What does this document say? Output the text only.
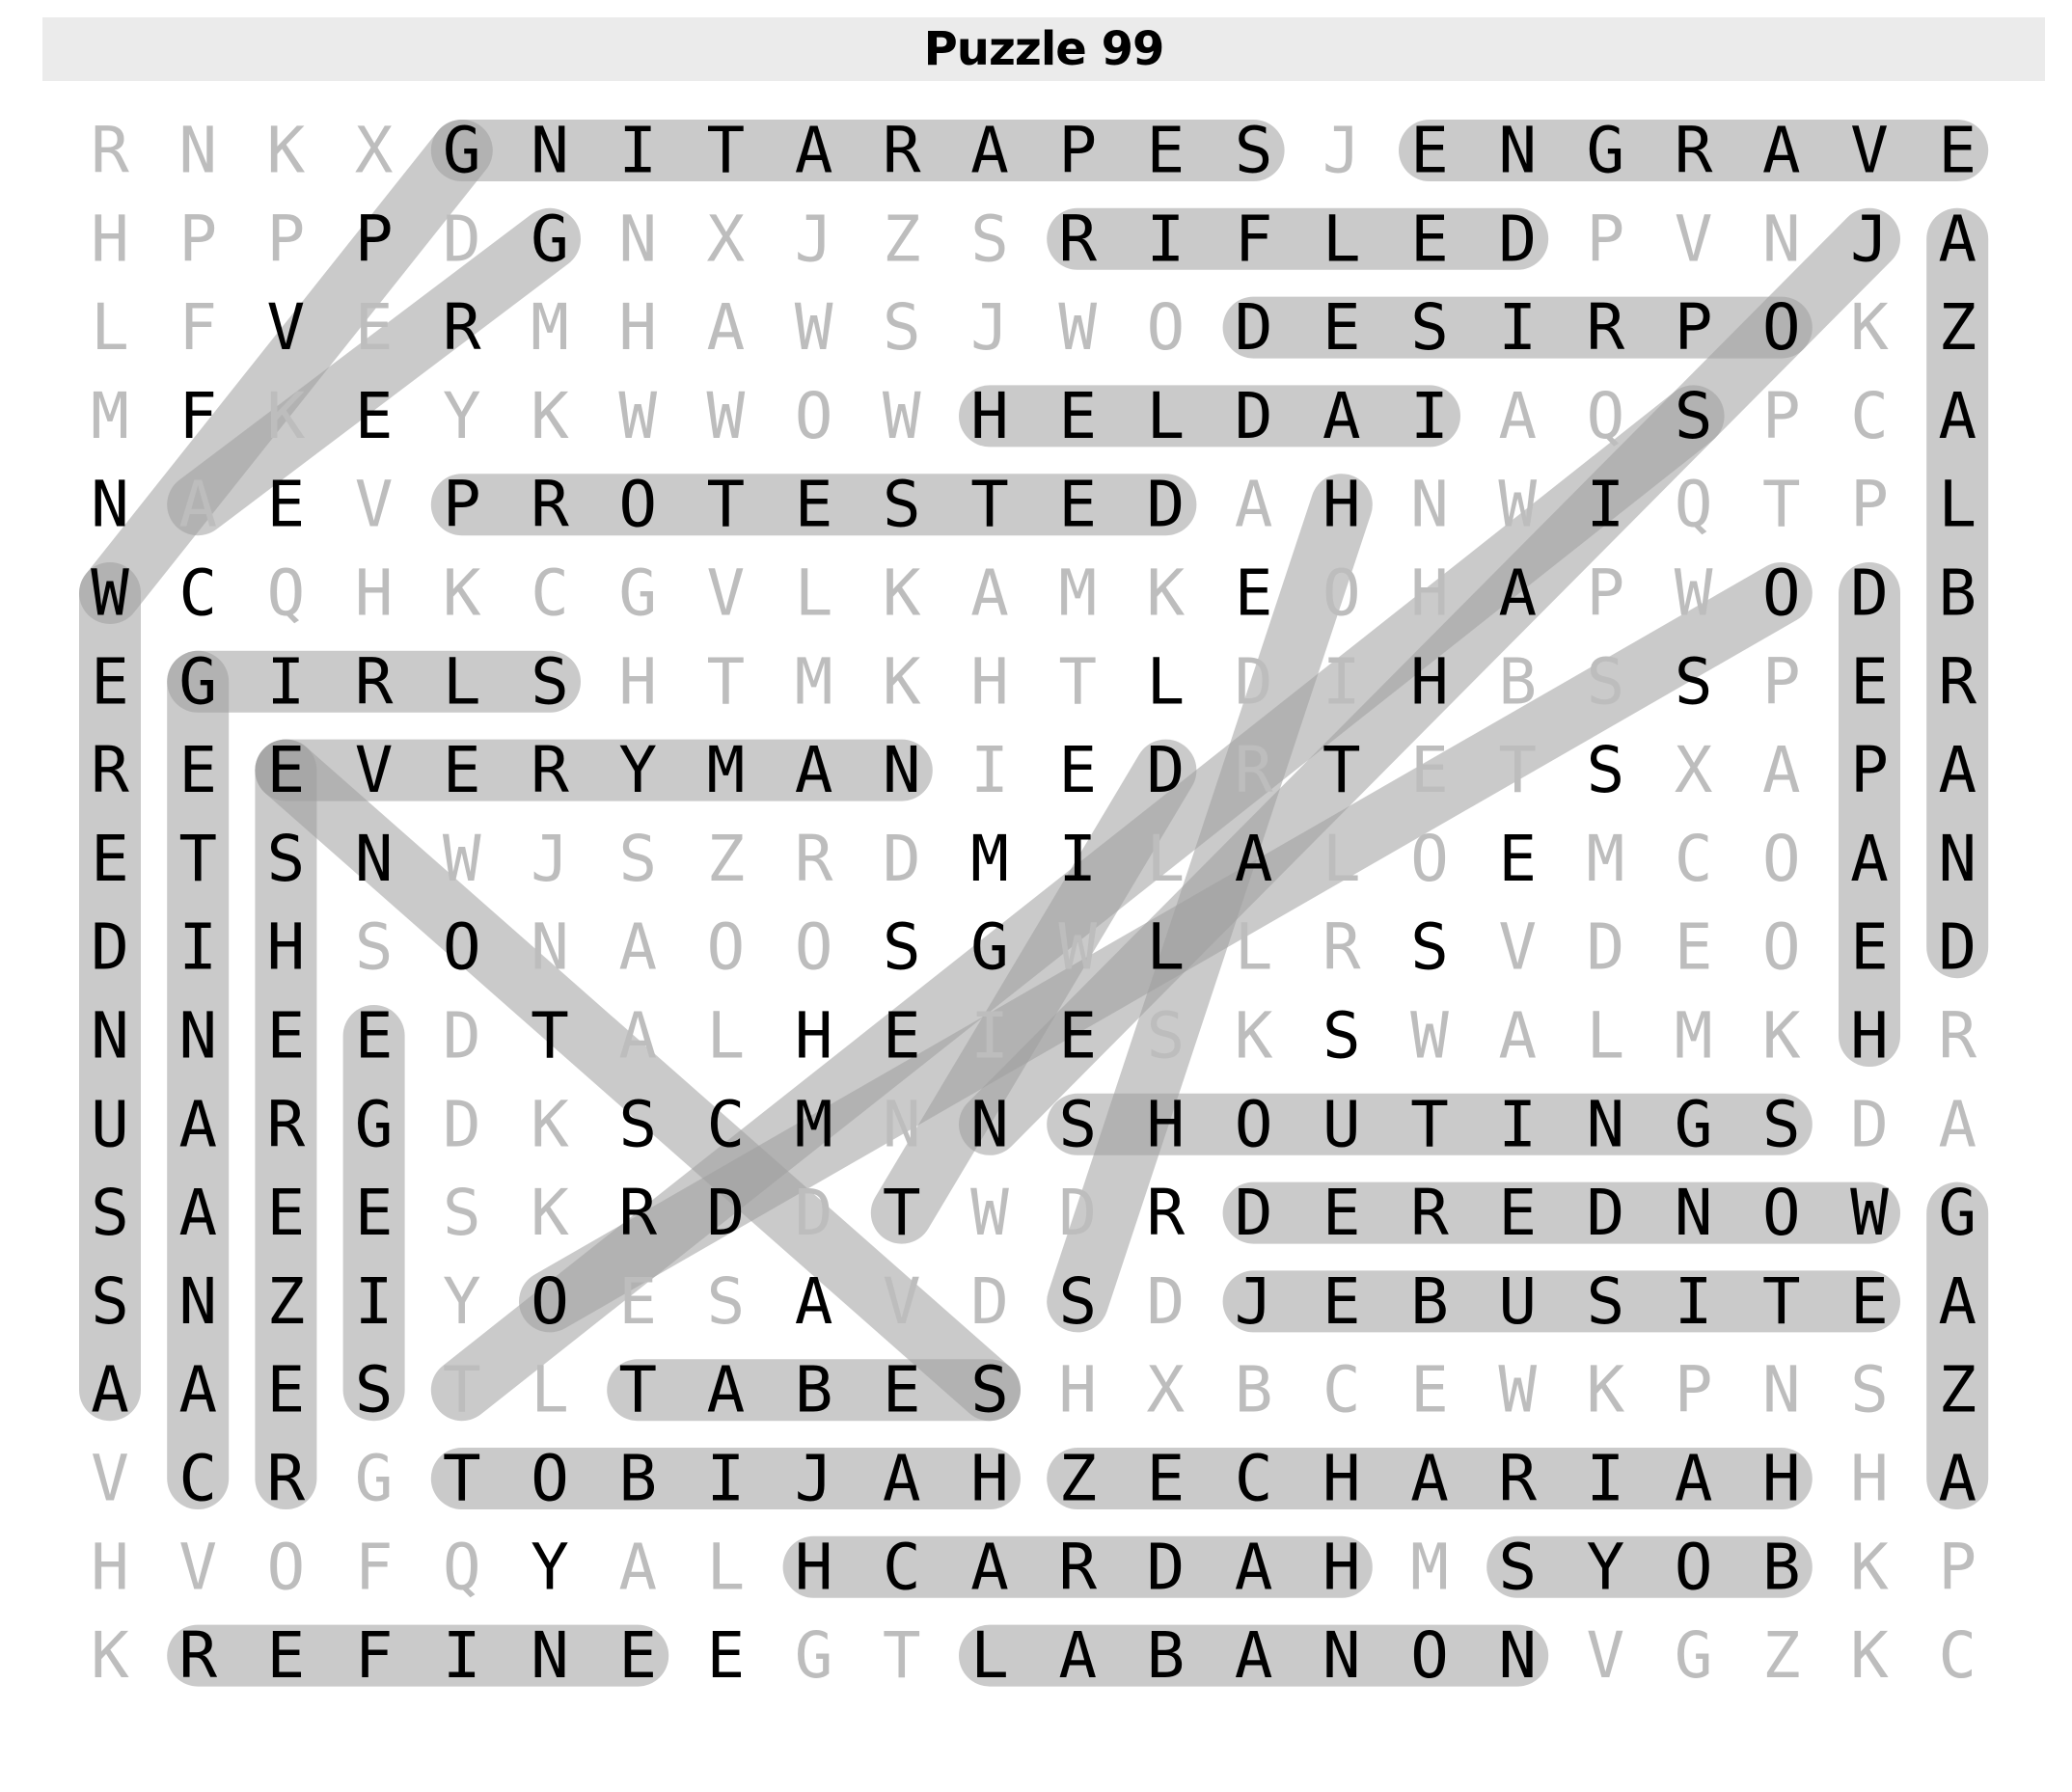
Puzzle 99
R N K X G N I T A R A P E S J E N G R A V E
H P P P D G N X J Z S R I F L E D P V N J A
L F V E R M H A W S J W O D E S I R P O K Z
M F K E Y K W W O W H E L D A I A Q S P C A
N A E V P R O T E S T E D A H N W I Q T P L
W C Q H K C G V L K A M K E O H A P W O D B
E G I R L S H T M K H T L D I H B S S P E R
R E E V E R Y M A N I E D R T E T S X A P A
E T S N W J S Z R D M I L A L O E M C O A N
D I H S O N A O O S G W L L R S V D E O E D
N N E E D T A L H E I E S K S W A L M K H R
U A R G D K S C M N N S H O U T I N G S D A
S A E E S K R D D T W D R D E R E D N O W G
S N Z I Y O E S A V D S D J E B U S I T E A
A A E S T L T A B E S H X B C E W K P N S Z
V C R G T O B I J A H Z E C H A R I A H H A
H V O F Q Y A L H C A R D A H M S Y O B K P
K R E F I N E E G T L A B A N O N V G Z K C
